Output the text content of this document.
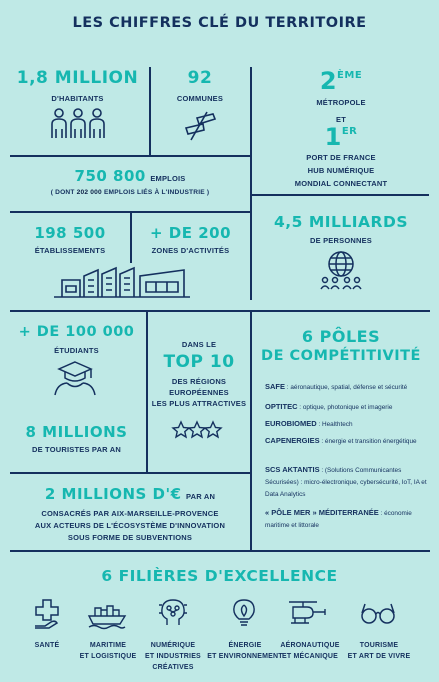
LES CHIFFRES CLÉ DU TERRITOIRE
1,8 MILLION
D'HABITANTS
92
COMMUNES
2ÈME
MÉTROPOLE
ET
1ER
PORT DE FRANCE
HUB NUMÉRIQUE
MONDIAL CONNECTANT
750 800 EMPLOIS
( DONT 202 000 EMPLOIS LIÉS À L'INDUSTRIE )
4,5 MILLIARDS
DE PERSONNES
198 500
ÉTABLISSEMENTS
+ DE 200
ZONES D'ACTIVITÉS
+ DE 100 000
ÉTUDIANTS
DANS LE
TOP 10
DES RÉGIONS
EUROPÉENNES
LES PLUS ATTRACTIVES
8 MILLIONS
DE TOURISTES PAR AN
6 PÔLES
DE COMPÉTITIVITÉ
SAFE : aéronautique, spatial, défense et sécurité
OPTITEC : optique, photonique et imagerie
EUROBIOMED : Healthtech
CAPENERGIES : énergie et transition énergétique
SCS AKTANTIS : (Solutions Communicantes Sécurisées) : micro-électronique, cybersécurité, IoT, IA et Data Analytics
« PÔLE MER » MÉDITERRANÉE : économie maritime et littorale
2 MILLIONS D'€ PAR AN
CONSACRÉS PAR AIX-MARSEILLE-PROVENCE
AUX ACTEURS DE L'ÉCOSYSTÈME D'INNOVATION
SOUS FORME DE SUBVENTIONS
6 FILIÈRES D'EXCELLENCE
SANTÉ	MARITIME
ET LOGISTIQUE
NUMÉRIQUE
ET INDUSTRIES
CRÉATIVES
ÉNERGIE
ET ENVIRONNEMENT
AÉRONAUTIQUE
ET MÉCANIQUE
TOURISME
ET ART DE VIVRE
